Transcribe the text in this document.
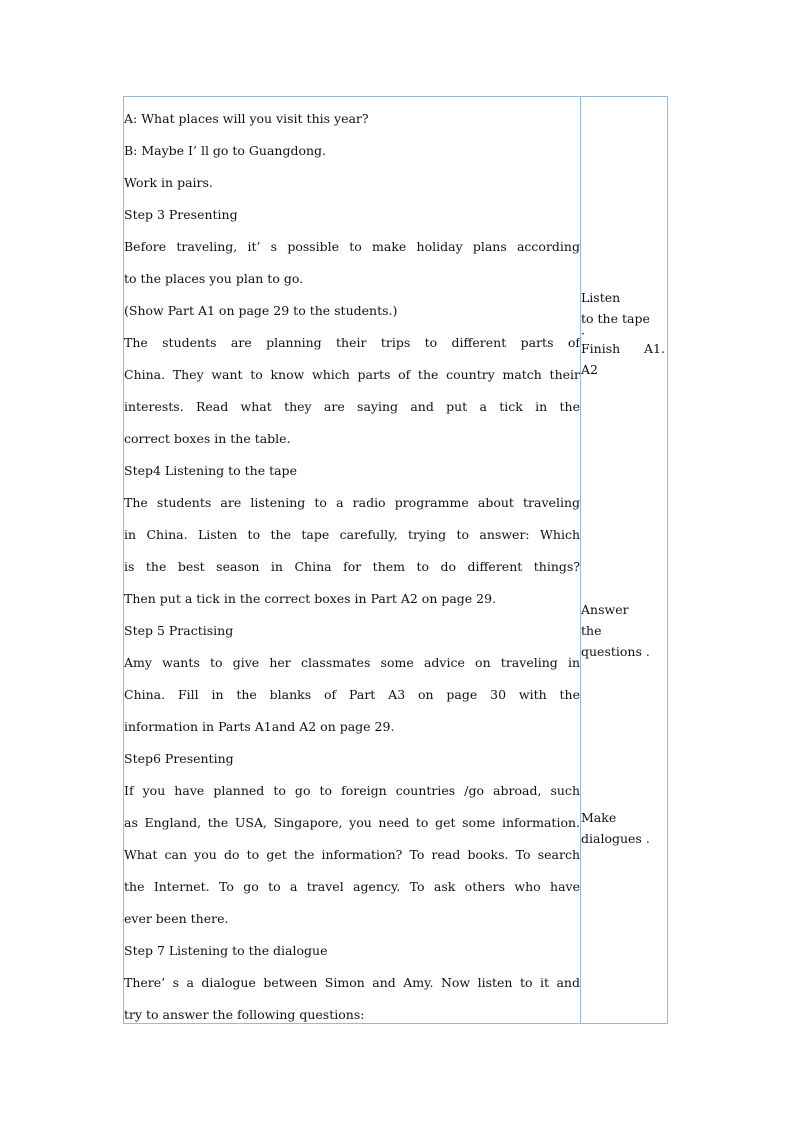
A: What places will you visit this year?
B: Maybe I’ ll go to Guangdong.
Work in pairs.
Step 3 Presenting
Before traveling, it’ s possible to make holiday plans according
to the places you plan to go.
(Show Part A1 on page 29 to the students.)
The students are planning their trips to different parts of
China. They want to know which parts of the country match their
interests. Read what they are saying and put a tick in the
correct boxes in the table.
Step4 Listening to the tape
The students are listening to a radio programme about traveling
in China. Listen to the tape carefully, trying to answer: Which
is the best season in China for them to do different things?
Then put a tick in the correct boxes in Part A2 on page 29.
Step 5 Practising
Amy wants to give her classmates some advice on traveling in
China. Fill in the blanks of Part A3 on page 30 with the
information in Parts A1and A2 on page 29.
Step6 Presenting
If you have planned to go to foreign countries /go abroad, such
as England, the USA, Singapore, you need to get some information.
What can you do to get the information? To read books. To search
the Internet. To go to a travel agency. To ask others who have
ever been there.
Step 7 Listening to the dialogue
There’ s a dialogue between Simon and Amy. Now listen to it and
try to answer the following questions:
Listen
to the tape
·
Finish A1.
A2
Answer
the
questions .
Make
dialogues .
